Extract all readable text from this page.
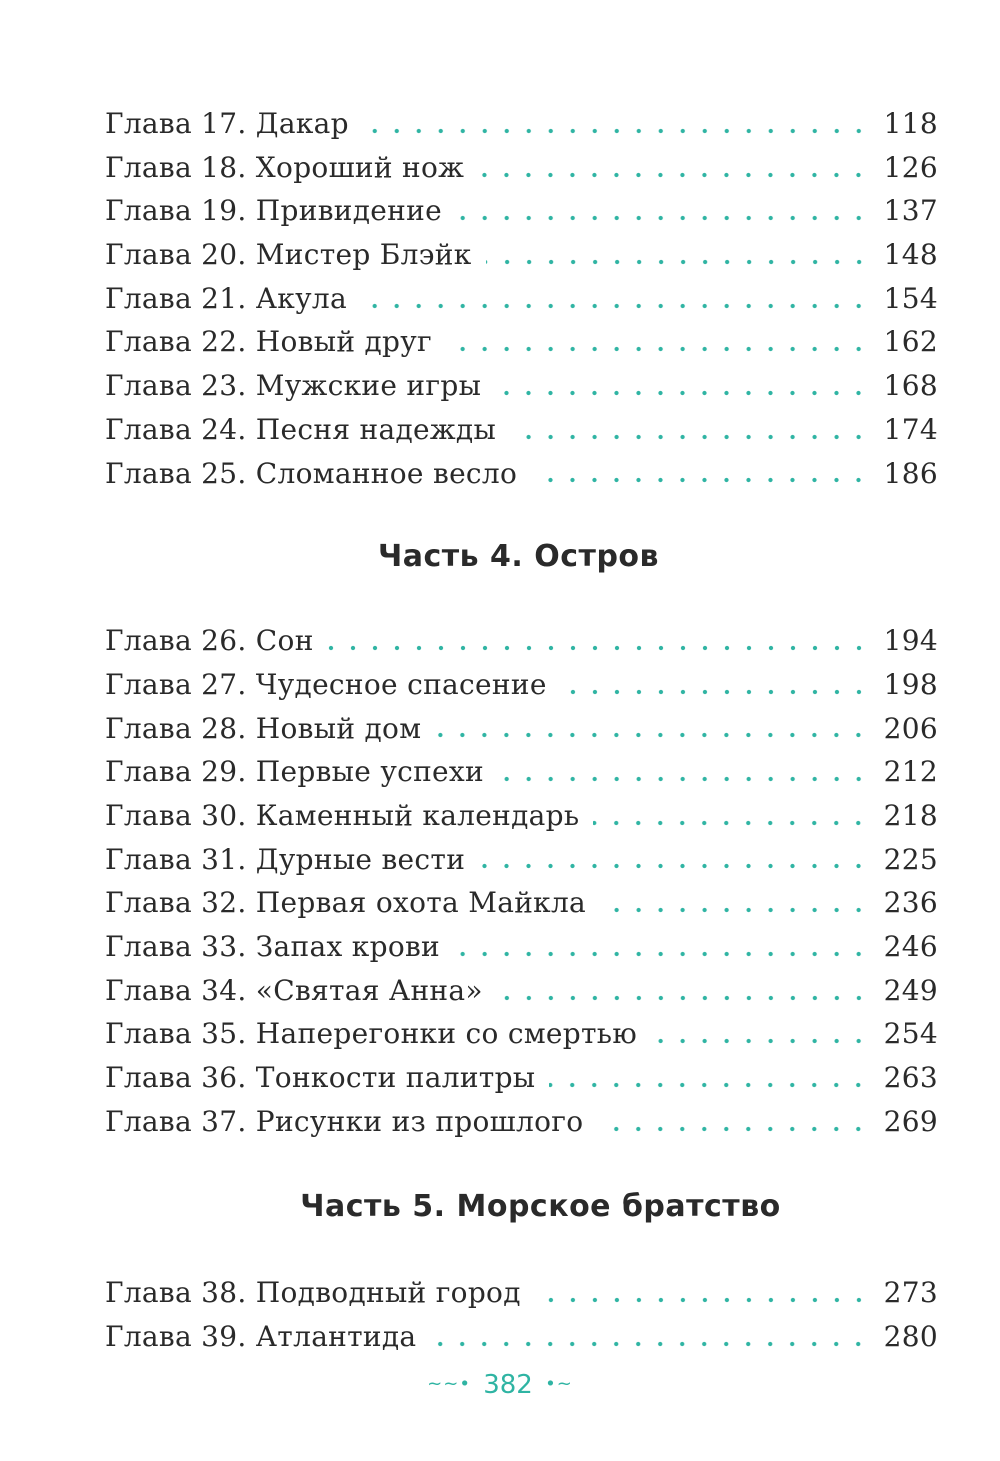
Глава 17. Дакар	118
Глава 18. Хороший нож	126
Глава 19. Привидение	137
Глава 20. Мистер Блэйк	148
Глава 21. Акула	154
Глава 22. Новый друг	162
Глава 23. Мужские игры	168
Глава 24. Песня надежды	174
Глава 25. Сломанное весло	186
Часть 4. Остров
Глава 26. Сон	194
Глава 27. Чудесное спасение	198
Глава 28. Новый дом	206
Глава 29. Первые успехи	212
Глава 30. Каменный календарь	218
Глава 31. Дурные вести	225
Глава 32. Первая охота Майкла	236
Глава 33. Запах крови	246
Глава 34. «Святая Анна»	249
Глава 35. Наперегонки со смертью	254
Глава 36. Тонкости палитры	263
Глава 37. Рисунки из прошлого	269
Часть 5. Морское братство
Глава 38. Подводный город	273
Глава 39. Атлантида	280
~~• 382 •~
